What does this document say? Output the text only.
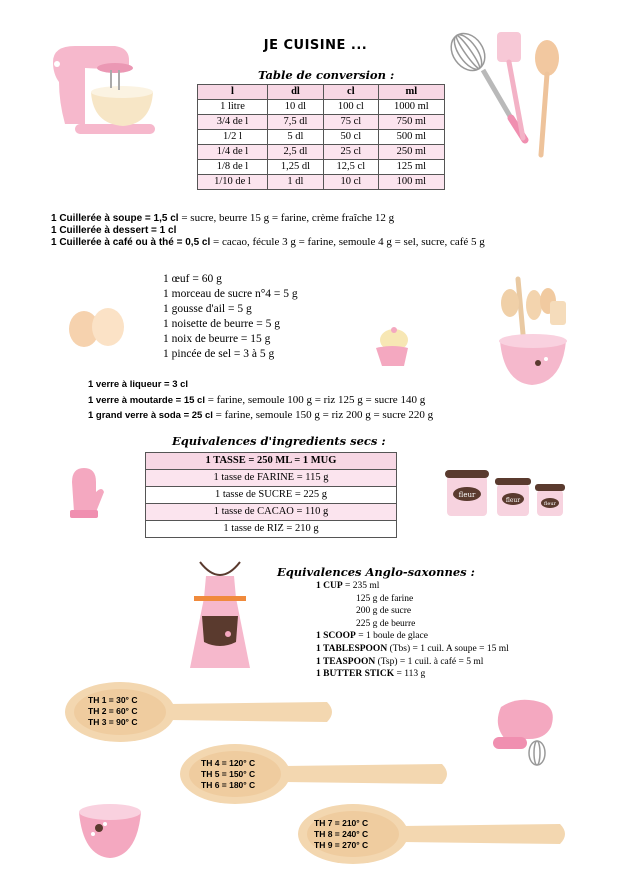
JE CUISINE ...
Table de conversion :
l	dl	cl	ml
1 litre	10 dl	100 cl	1000 ml
3/4 de l	7,5 dl	75 cl	750 ml
1/2 l	5 dl	50 cl	500 ml
1/4 de l	2,5 dl	25 cl	250 ml
1/8 de l	1,25 dl	12,5 cl	125 ml
1/10 de l	1 dl	10 cl	100 ml
1 Cuillerée à soupe = 1,5 cl = sucre, beurre 15 g = farine, crème fraîche 12 g
1 Cuillerée à dessert = 1 cl
1 Cuillerée à café ou à thé = 0,5 cl = cacao, fécule 3 g = farine, semoule 4 g = sel, sucre, café 5 g
1 œuf = 60 g
1 morceau de sucre n°4 = 5 g
1 gousse d'ail = 5 g
1 noisette de beurre = 5 g
1 noix de beurre = 15 g
1 pincée de sel = 3 à 5 g
1 verre à liqueur = 3 cl
1 verre à moutarde = 15 cl = farine, semoule 100 g = riz 125 g = sucre 140 g
1 grand verre à soda = 25 cl = farine, semoule 150 g = riz 200 g = sucre 220 g
Equivalences d'ingredients secs :
1 TASSE = 250 ML = 1 MUG
1 tasse de FARINE = 115 g
1 tasse de SUCRE = 225 g
1 tasse de CACAO = 110 g
1 tasse de RIZ = 210 g
fleur
fleur	fleur
Equivalences Anglo-saxonnes :
1 CUP = 235 ml
125 g de farine
200 g de sucre
225 g de beurre
1 SCOOP = 1 boule de glace
1 TABLESPOON (Tbs) = 1 cuil. A soupe = 15 ml
1 TEASPOON (Tsp) = 1 cuil. à café = 5 ml
1 BUTTER STICK = 113 g
TH 1 = 30° C
TH 2 = 60° C
TH 3 = 90° C
TH 4 = 120° C
TH 5 = 150° C
TH 6 = 180° C
TH 7 = 210° C
TH 8 = 240° C
TH 9 = 270° C
